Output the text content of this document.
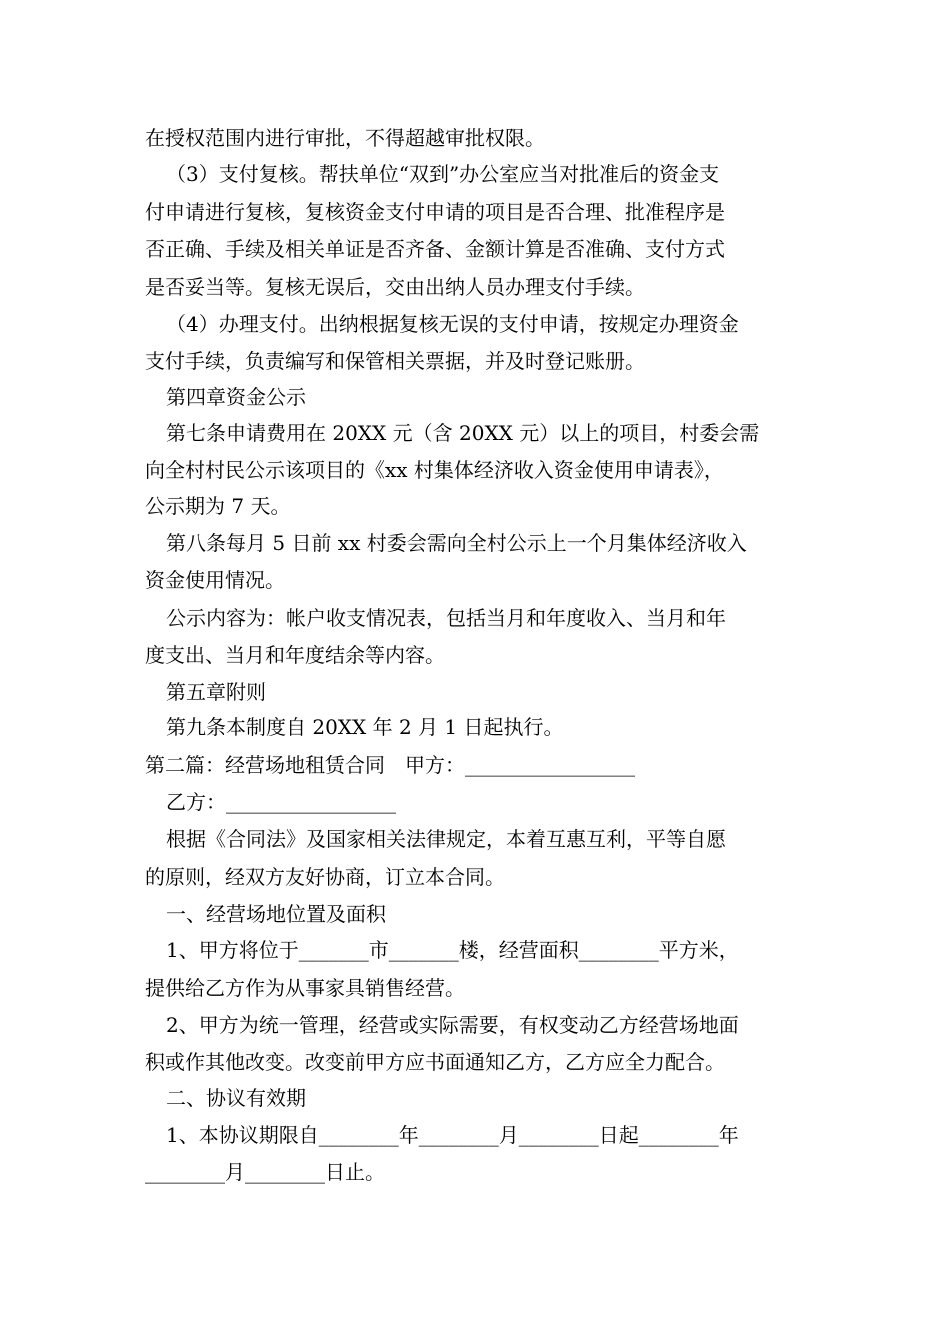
在授权范围内进行审批，不得超越审批权限。
（3）支付复核。帮扶单位“双到”办公室应当对批准后的资金支
付申请进行复核，复核资金支付申请的项目是否合理、批准程序是
否正确、手续及相关单证是否齐备、金额计算是否准确、支付方式
是否妥当等。复核无误后，交由出纳人员办理支付手续。
（4）办理支付。出纳根据复核无误的支付申请，按规定办理资金
支付手续，负责编写和保管相关票据，并及时登记账册。
第四章资金公示
第七条申请费用在 20XX 元（含 20XX 元）以上的项目，村委会需
向全村村民公示该项目的《xx 村集体经济收入资金使用申请表》，
公示期为 7 天。
第八条每月 5 日前 xx 村委会需向全村公示上一个月集体经济收入
资金使用情况。
公示内容为：帐户收支情况表，包括当月和年度收入、当月和年
度支出、当月和年度结余等内容。
第五章附则
第九条本制度自 20XX 年 2 月 1 日起执行。
第二篇：经营场地租赁合同　甲方：_________________
乙方：_________________
根据《合同法》及国家相关法律规定，本着互惠互利，平等自愿
的原则，经双方友好协商，订立本合同。
一、经营场地位置及面积
1、甲方将位于_______市_______楼，经营面积________平方米，
提供给乙方作为从事家具销售经营。
2、甲方为统一管理，经营或实际需要，有权变动乙方经营场地面
积或作其他改变。改变前甲方应书面通知乙方，乙方应全力配合。
二、协议有效期
1、本协议期限自________年________月________日起________年
________月________日止。
